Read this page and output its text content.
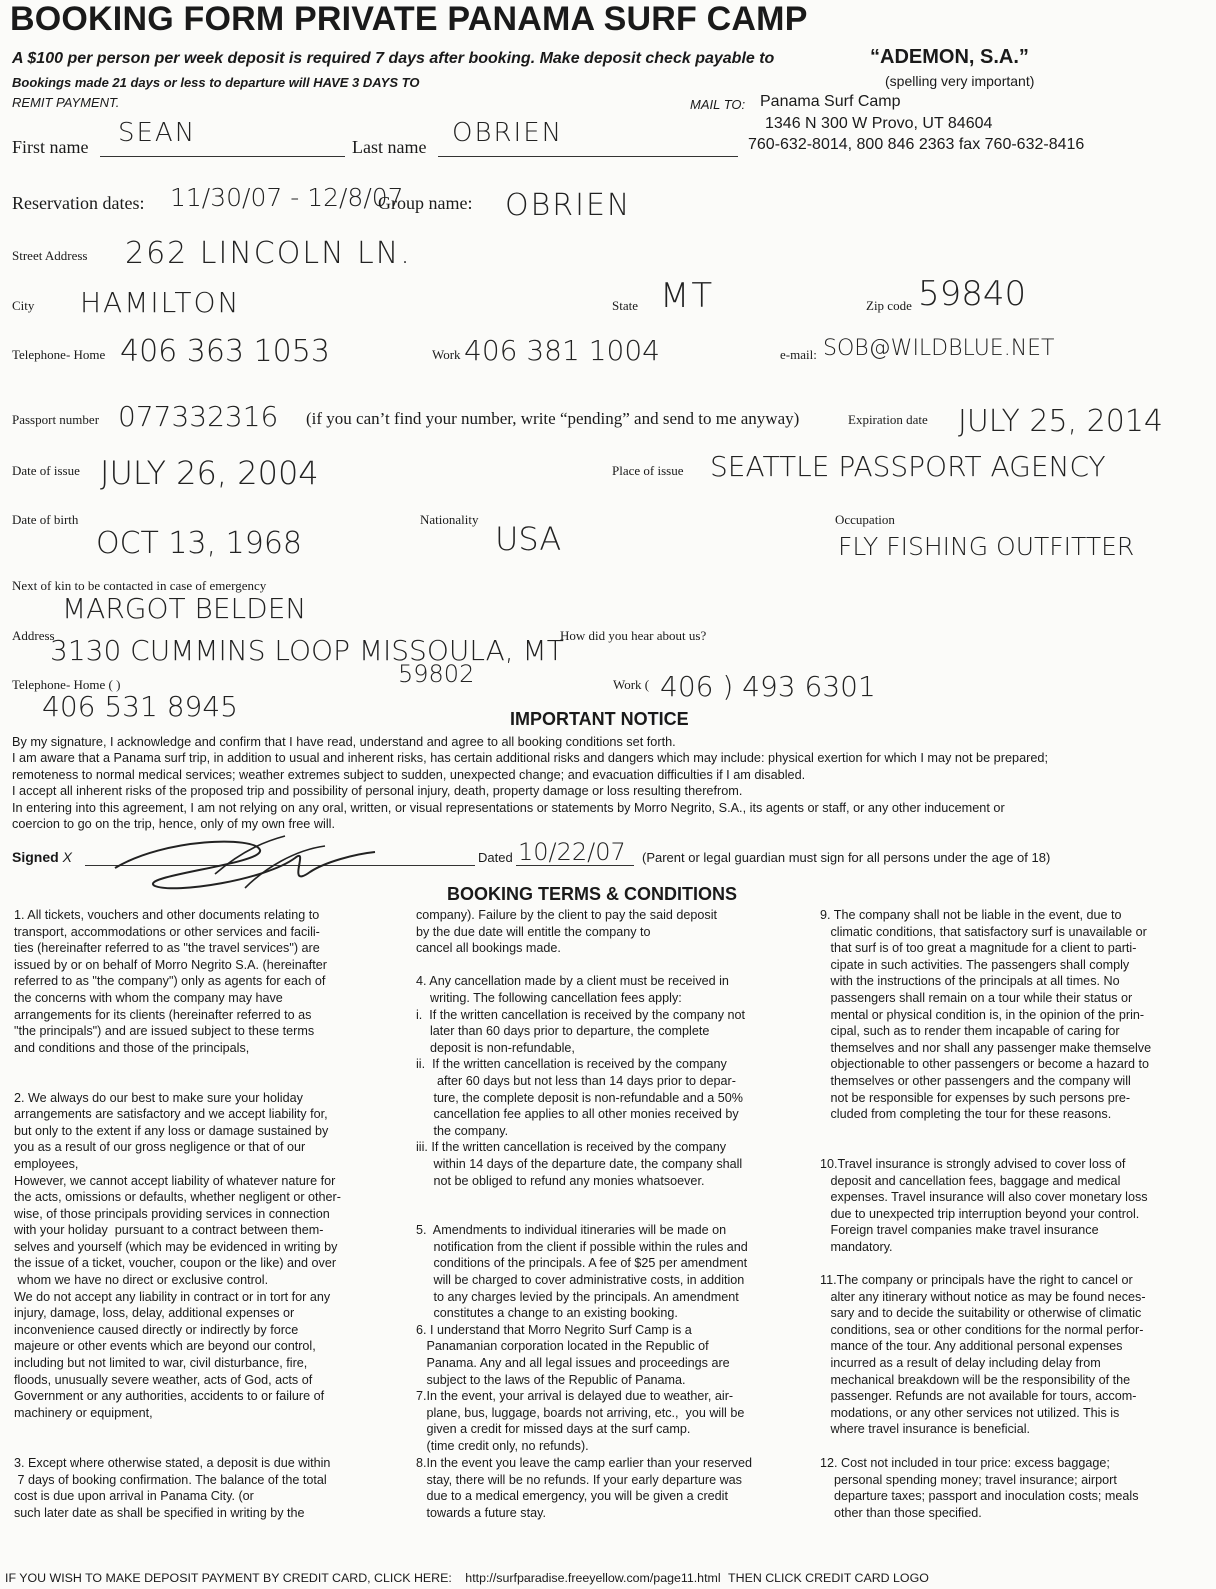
BOOKING FORM PRIVATE PANAMA SURF CAMP
A $100 per person per week deposit is required 7 days after booking. Make deposit check payable to	“ADEMON, S.A.”
(spelling very important)
Bookings made 21 days or less to departure will HAVE 3 DAYS TO
REMIT PAYMENT.	MAIL TO: Panama Surf Camp
1346 N 300 W Provo, UT 84604
760-632-8014, 800 846 2363 fax 760-632-8416
First name SEAN	Last name OBRIEN
Reservation dates: 11/30/07 - 12/8/07
Group name: OBRIEN
Street Address 262 LINCOLN LN.
City HAMILTON	State MT	Zip code 59840
Telephone- Home 406 363 1053	Work 406 381 1004	e-mail: SOB@WILDBLUE.NET
Passport number 077332316 (if you can’t find your number, write “pending” and send to me anyway)	Expiration date JULY 25, 2014
Date of issue JULY 26, 2004	Place of issue SEATTLE PASSPORT AGENCY
Date of birth
OCT 13, 1968
Nationality
USA
Occupation
FLY FISHING OUTFITTER
Next of kin to be contacted in case of emergency
MARGOT BELDEN
Address
3130 CUMMINS LOOP MISSOULA, MT
59802
How did you hear about us?
Telephone- Home ( )
406 531 8945
Work ( 406 ) 493 6301
IMPORTANT NOTICE
By my signature, I acknowledge and confirm that I have read, understand and agree to all booking conditions set forth.
I am aware that a Panama surf trip, in addition to usual and inherent risks, has certain additional risks and dangers which may include: physical exertion for which I may not be prepared;
remoteness to normal medical services; weather extremes subject to sudden, unexpected change; and evacuation difficulties if I am disabled.
I accept all inherent risks of the proposed trip and possibility of personal injury, death, property damage or loss resulting therefrom.
In entering into this agreement, I am not relying on any oral, written, or visual representations or statements by Morro Negrito, S.A., its agents or staff, or any other inducement or
coercion to go on the trip, hence, only of my own free will.
Signed X	Dated 10/22/07 (Parent or legal guardian must sign for all persons under the age of 18)
BOOKING TERMS & CONDITIONS
1. All tickets, vouchers and other documents relating to
transport, accommodations or other services and facili-
ties (hereinafter referred to as "the travel services") are
issued by or on behalf of Morro Negrito S.A. (hereinafter
referred to as "the company") only as agents for each of
the concerns with whom the company may have
arrangements for its clients (hereinafter referred to as
"the principals") and are issued subject to these terms
and conditions and those of the principals,

2. We always do our best to make sure your holiday
arrangements are satisfactory and we accept liability for,
but only to the extent if any loss or damage sustained by
you as a result of our gross negligence or that of our
employees,
However, we cannot accept liability of whatever nature for
the acts, omissions or defaults, whether negligent or other-
wise, of those principals providing services in connection
with your holiday  pursuant to a contract between them-
selves and yourself (which may be evidenced in writing by
the issue of a ticket, voucher, coupon or the like) and over
whom we have no direct or exclusive control.
We do not accept any liability in contract or in tort for any
injury, damage, loss, delay, additional expenses or
inconvenience caused directly or indirectly by force
majeure or other events which are beyond our control,
including but not limited to war, civil disturbance, fire,
floods, unusually severe weather, acts of God, acts of
Government or any authorities, accidents to or failure of
machinery or equipment,
3. Except where otherwise stated, a deposit is due within
7 days of booking confirmation. The balance of the total
cost is due upon arrival in Panama City. (or
such later date as shall be specified in writing by the
company). Failure by the client to pay the said deposit
by the due date will entitle the company to
cancel all bookings made.

4. Any cancellation made by a client must be received in
writing. The following cancellation fees apply:
i.  If the written cancellation is received by the company not
later than 60 days prior to departure, the complete
deposit is non-refundable,
ii.  If the written cancellation is received by the company
after 60 days but not less than 14 days prior to depar-
ture, the complete deposit is non-refundable and a 50%
cancellation fee applies to all other monies received by
the company.
iii. If the written cancellation is received by the company
within 14 days of the departure date, the company shall
not be obliged to refund any monies whatsoever.

5.  Amendments to individual itineraries will be made on
notification from the client if possible within the rules and
conditions of the principals. A fee of $25 per amendment
will be charged to cover administrative costs, in addition
to any charges levied by the principals. An amendment
constitutes a change to an existing booking.
6. I understand that Morro Negrito Surf Camp is a
Panamanian corporation located in the Republic of
Panama. Any and all legal issues and proceedings are
subject to the laws of the Republic of Panama.
7.In the event, your arrival is delayed due to weather, air-
plane, bus, luggage, boards not arriving, etc.,  you will be
given a credit for missed days at the surf camp.
(time credit only, no refunds).
8.In the event you leave the camp earlier than your reserved
stay, there will be no refunds. If your early departure was
due to a medical emergency, you will be given a credit
towards a future stay.
9. The company shall not be liable in the event, due to
climatic conditions, that satisfactory surf is unavailable or
that surf is of too great a magnitude for a client to parti-
cipate in such activities. The passengers shall comply
with the instructions of the principals at all times. No
passengers shall remain on a tour while their status or
mental or physical condition is, in the opinion of the prin-
cipal, such as to render them incapable of caring for
themselves and nor shall any passenger make themselve
objectionable to other passengers or become a hazard to
themselves or other passengers and the company will
not be responsible for expenses by such persons pre-
cluded from completing the tour for these reasons.

10.Travel insurance is strongly advised to cover loss of
deposit and cancellation fees, baggage and medical
expenses. Travel insurance will also cover monetary loss
due to unexpected trip interruption beyond your control.
Foreign travel companies make travel insurance
mandatory.

11.The company or principals have the right to cancel or
alter any itinerary without notice as may be found neces-
sary and to decide the suitability or otherwise of climatic
conditions, sea or other conditions for the normal perfor-
mance of the tour. Any additional personal expenses
incurred as a result of delay including delay from
mechanical breakdown will be the responsibility of the
passenger. Refunds are not available for tours, accom-
modations, or any other services not utilized. This is
where travel insurance is beneficial.
12. Cost not included in tour price: excess baggage;
personal spending money; travel insurance; airport
departure taxes; passport and inoculation costs; meals
other than those specified.
IF YOU WISH TO MAKE DEPOSIT PAYMENT BY CREDIT CARD, CLICK HERE: http://surfparadise.freeyellow.com/page11.html THEN CLICK CREDIT CARD LOGO
